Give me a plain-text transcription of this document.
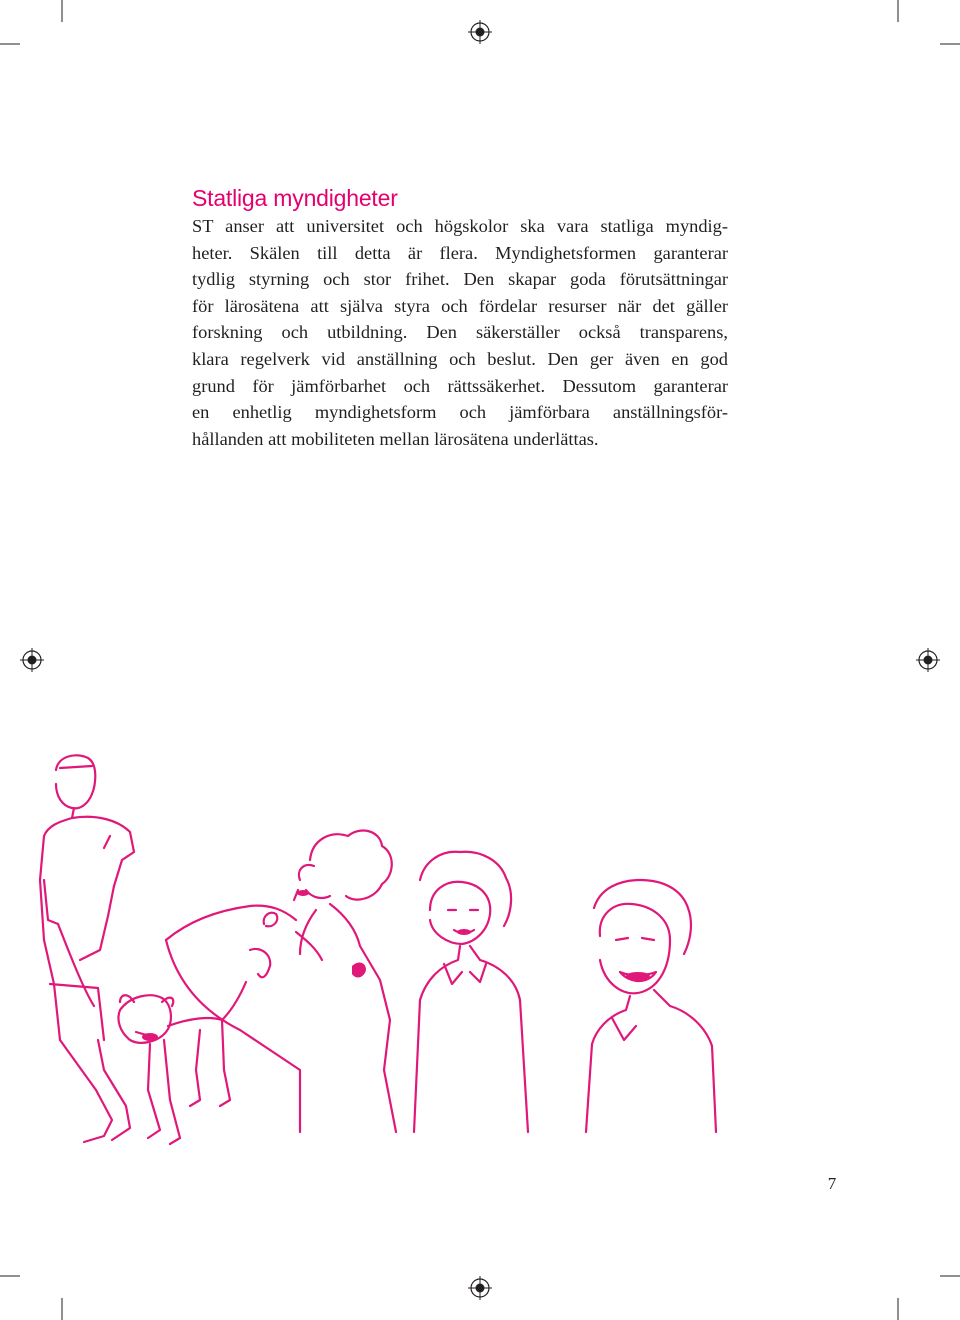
Statliga myndigheter
ST anser att universitet och högskolor ska vara statliga myndig-
heter. Skälen till detta är flera. Myndighetsformen garanterar
tydlig styrning och stor frihet. Den skapar goda förutsättningar
för lärosätena att själva styra och fördelar resurser när det gäller
forskning och utbildning. Den säkerställer också transparens,
klara regelverk vid anställning och beslut. Den ger även en god
grund för jämförbarhet och rättssäkerhet. Dessutom garanterar
en enhetlig myndighetsform och jämförbara anställningsför-
hållanden att mobiliteten mellan lärosätena underlättas.
7
